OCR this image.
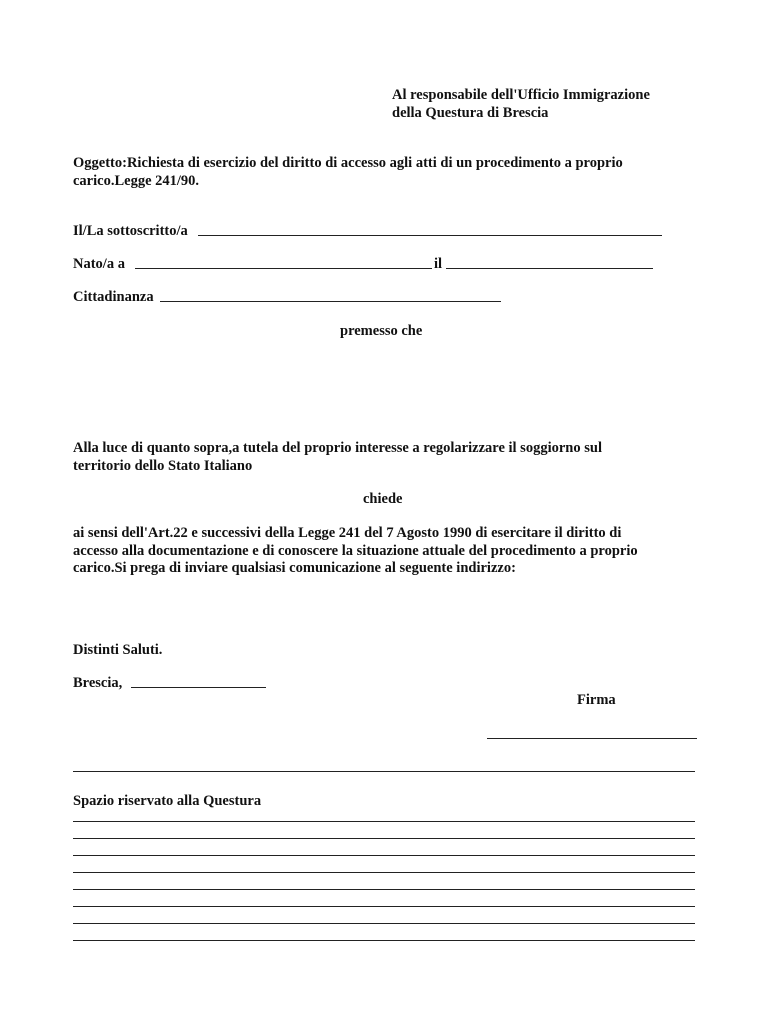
Al responsabile dell'Ufficio Immigrazione
della Questura di Brescia
Oggetto:Richiesta di esercizio del diritto di accesso agli atti di un procedimento a proprio
carico.Legge 241/90.
Il/La sottoscritto/a
Nato/a a	il
Cittadinanza
premesso che
Alla luce di quanto sopra,a tutela del proprio interesse a regolarizzare il soggiorno sul
territorio dello Stato Italiano
chiede
ai sensi dell'Art.22 e successivi della Legge 241 del 7 Agosto 1990 di esercitare il diritto di
accesso alla documentazione e di conoscere la situazione attuale del procedimento a proprio
carico.Si prega di inviare qualsiasi comunicazione al seguente indirizzo:
Distinti Saluti.
Brescia,
Firma
Spazio riservato alla Questura
